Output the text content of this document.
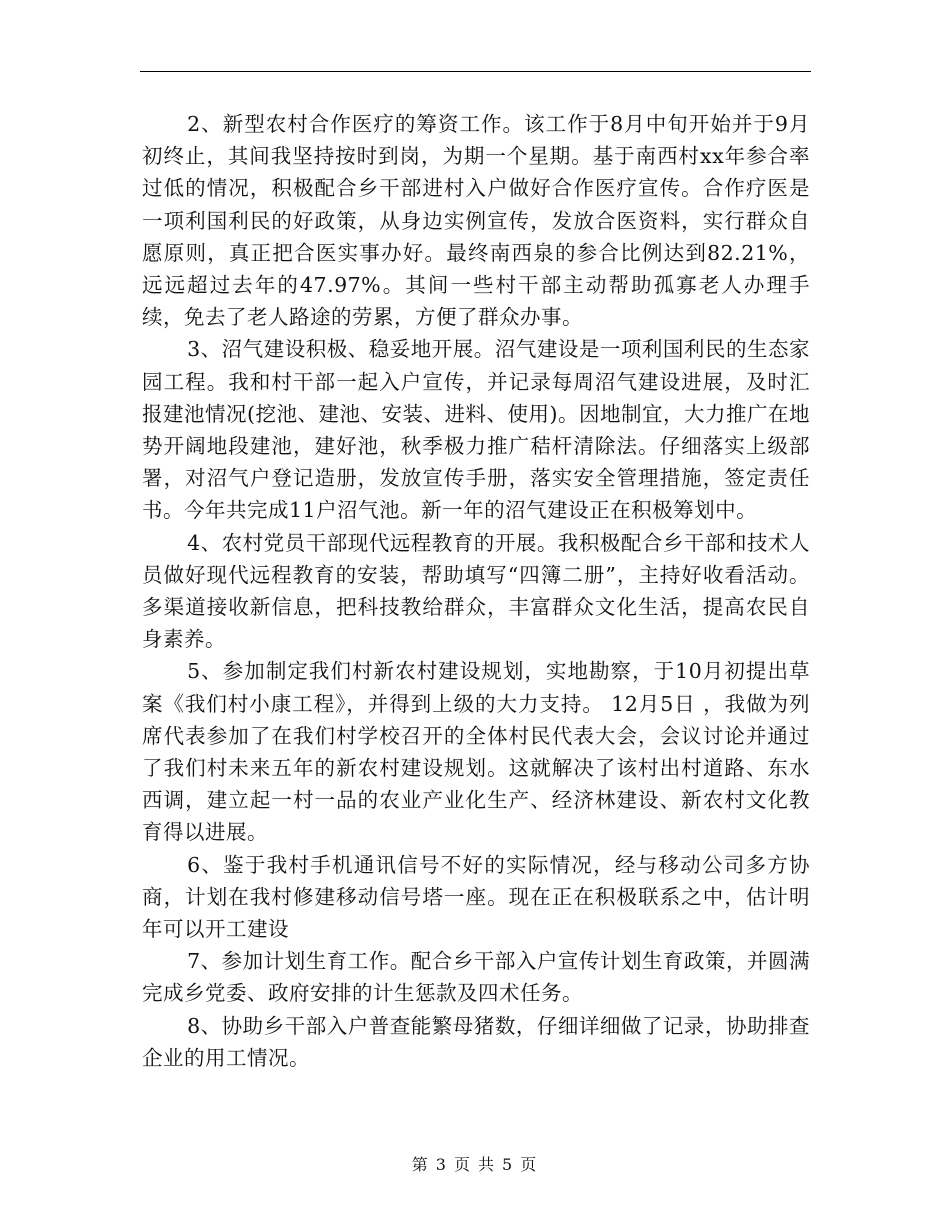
2、新型农村合作医疗的筹资工作。该工作于8月中旬开始并于9月初终止，其间我坚持按时到岗，为期一个星期。基于南西村xx年参合率过低的情况，积极配合乡干部进村入户做好合作医疗宣传。合作疗医是一项利国利民的好政策，从身边实例宣传，发放合医资料，实行群众自愿原则，真正把合医实事办好。最终南西泉的参合比例达到82.21%，远远超过去年的47.97%。其间一些村干部主动帮助孤寡老人办理手续，免去了老人路途的劳累，方便了群众办事。

3、沼气建设积极、稳妥地开展。沼气建设是一项利国利民的生态家园工程。我和村干部一起入户宣传，并记录每周沼气建设进展，及时汇报建池情况(挖池、建池、安装、进料、使用)。因地制宜，大力推广在地势开阔地段建池，建好池，秋季极力推广秸杆清除法。仔细落实上级部署，对沼气户登记造册，发放宣传手册，落实安全管理措施，签定责任书。今年共完成11户沼气池。新一年的沼气建设正在积极筹划中。

4、农村党员干部现代远程教育的开展。我积极配合乡干部和技术人员做好现代远程教育的安装，帮助填写“四簿二册”，主持好收看活动。多渠道接收新信息，把科技教给群众，丰富群众文化生活，提高农民自身素养。

5、参加制定我们村新农村建设规划，实地勘察，于10月初提出草案《我们村小康工程》，并得到上级的大力支持。 12月5日 ，我做为列席代表参加了在我们村学校召开的全体村民代表大会，会议讨论并通过了我们村未来五年的新农村建设规划。这就解决了该村出村道路、东水西调，建立起一村一品的农业产业化生产、经济林建设、新农村文化教育得以进展。

6、鉴于我村手机通讯信号不好的实际情况，经与移动公司多方协商，计划在我村修建移动信号塔一座。现在正在积极联系之中，估计明年可以开工建设

7、参加计划生育工作。配合乡干部入户宣传计划生育政策，并圆满完成乡党委、政府安排的计生惩款及四术任务。

8、协助乡干部入户普查能繁母猪数，仔细详细做了记录，协助排查企业的用工情况。

第 3 页 共 5 页
